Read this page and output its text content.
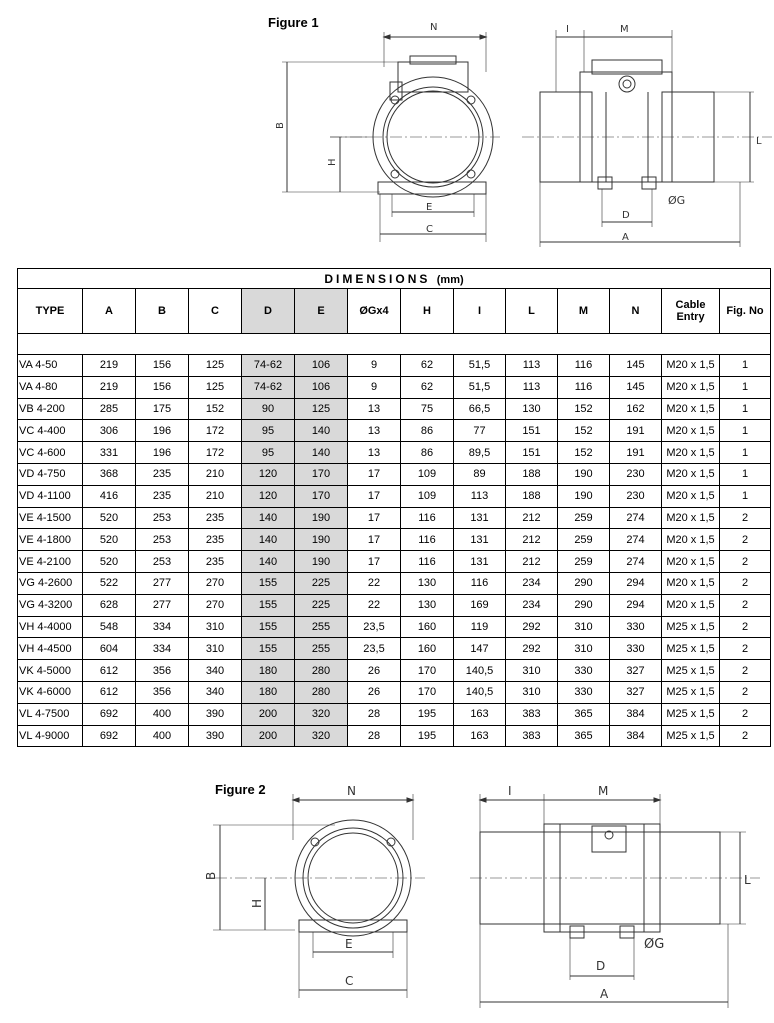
Figure 1	N
B
H
E
C
I	M
L
D
ØG
A
DIMENSIONS (mm)													
TYPE	A	B	C	D	E	ØGx4	H	I	L	M	N	Cable Entry	Fig. No

VA 4-50	219	156	125	74-62	106	9	62	51,5	113	116	145	M20 x 1,5	1
VA 4-80	219	156	125	74-62	106	9	62	51,5	113	116	145	M20 x 1,5	1
VB 4-200	285	175	152	90	125	13	75	66,5	130	152	162	M20 x 1,5	1
VC 4-400	306	196	172	95	140	13	86	77	151	152	191	M20 x 1,5	1
VC 4-600	331	196	172	95	140	13	86	89,5	151	152	191	M20 x 1,5	1
VD 4-750	368	235	210	120	170	17	109	89	188	190	230	M20 x 1,5	1
VD 4-1100	416	235	210	120	170	17	109	113	188	190	230	M20 x 1,5	1
VE 4-1500	520	253	235	140	190	17	116	131	212	259	274	M20 x 1,5	2
VE 4-1800	520	253	235	140	190	17	116	131	212	259	274	M20 x 1,5	2
VE 4-2100	520	253	235	140	190	17	116	131	212	259	274	M20 x 1,5	2
VG 4-2600	522	277	270	155	225	22	130	116	234	290	294	M20 x 1,5	2
VG 4-3200	628	277	270	155	225	22	130	169	234	290	294	M20 x 1,5	2
VH 4-4000	548	334	310	155	255	23,5	160	119	292	310	330	M25 x 1,5	2
VH 4-4500	604	334	310	155	255	23,5	160	147	292	310	330	M25 x 1,5	2
VK 4-5000	612	356	340	180	280	26	170	140,5	310	330	327	M25 x 1,5	2
VK 4-6000	612	356	340	180	280	26	170	140,5	310	330	327	M25 x 1,5	2
VL 4-7500	692	400	390	200	320	28	195	163	383	365	384	M25 x 1,5	2
VL 4-9000	692	400	390	200	320	28	195	163	383	365	384	M25 x 1,5	2
Figure 2	N
B
H
E
C
I	M
L
D
ØG
A
